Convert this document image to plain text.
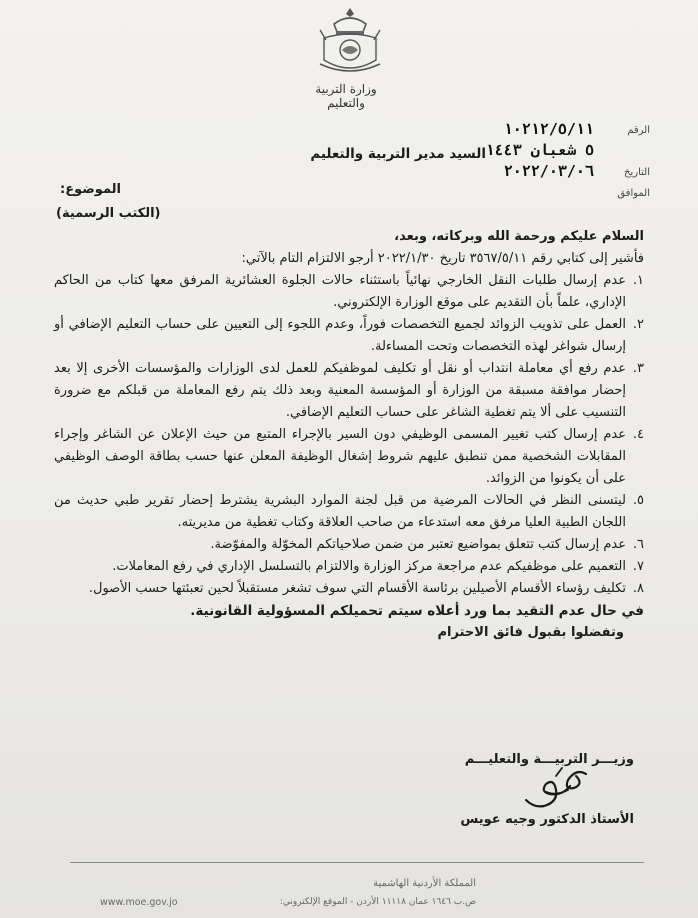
وزارة التربية والتعليم
الرقم
١٠٢١٢/٥/١١
٥ شعبان ١٤٤٣
التاريخ
٢٠٢٢/٠٣/٠٦
الموافق
السيد مدير التربية والتعليم
الموضوع:
(الكتب الرسمية)

السلام عليكم ورحمة الله وبركاته، وبعد،

فأشير إلى كتابي رقم ٣٥٦٧/٥/١١ تاريخ ٢٠٢٢/١/٣٠ أرجو الالتزام التام بالآتي:

١.
عدم إرسال طلبات النقل الخارجي نهائياً باستثناء حالات الجلوة العشائرية المرفق معها كتاب من الحاكم الإداري، علماً بأن التقديم على موقع الوزارة الإلكتروني.

٢.
العمل على تذويب الزوائد لجميع التخصصات فوراً، وعدم اللجوء إلى التعيين على حساب التعليم الإضافي أو إرسال شواغر لهذه التخصصات وتحت المساءلة.

٣.
عدم رفع أي معاملة انتداب أو نقل أو تكليف لموظفيكم للعمل لدى الوزارات والمؤسسات الأخرى إلا بعد إحضار موافقة مسبقة من الوزارة أو المؤسسة المعنية وبعد ذلك يتم رفع المعاملة من قبلكم مع ضرورة التنسيب على ألا يتم تغطية الشاغر على حساب التعليم الإضافي.

٤.
عدم إرسال كتب تغيير المسمى الوظيفي دون السير بالإجراء المتبع من حيث الإعلان عن الشاغر وإجراء المقابلات الشخصية ممن تنطبق عليهم شروط إشغال الوظيفة المعلن عنها حسب بطاقة الوصف الوظيفي على أن يكونوا من الزوائد.

٥.
ليتسنى النظر في الحالات المرضية من قبل لجنة الموارد البشرية يشترط إحضار تقرير طبي حديث من اللجان الطبية العليا مرفق معه استدعاء من صاحب العلاقة وكتاب تغطية من مديريته.

٦.
عدم إرسال كتب تتعلق بمواضيع تعتبر من ضمن صلاحياتكم المخوّلة والمفوّضة.

٧.
التعميم على موظفيكم عدم مراجعة مركز الوزارة والالتزام بالتسلسل الإداري في رفع المعاملات.

٨.
تكليف رؤساء الأقسام الأصيلين برئاسة الأقسام التي سوف تشغر مستقبلاً لحين تعبئتها حسب الأصول.

في حال عدم التقيد بما ورد أعلاه سيتم تحميلكم المسؤولية القانونية.

وتفضلوا بقبول فائق الاحترام

وزيـــر التربيـــة والتعليـــم
الأستاذ الدكتور وجيه عويس
المملكة الأردنية الهاشمية
ص.ب ١٦٤٦ عمان ١١١١٨ الأردن - الموقع الإلكتروني:
www.moe.gov.jo
